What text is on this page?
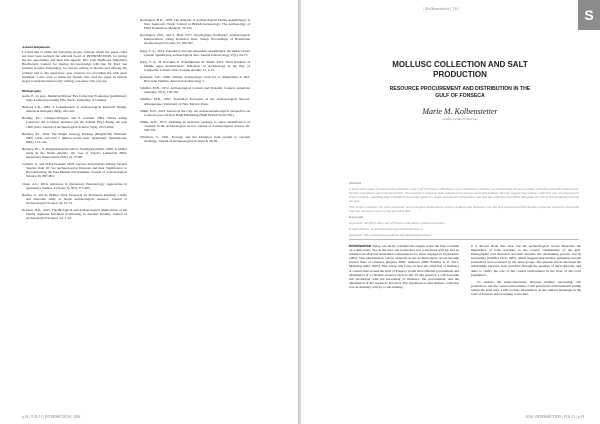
p.16 | VOL 11 | INTERSECTION | 2016

Acknowledgements

I would like to thank the following people, without whom the paper could not have been realised: the editorial board of INTERSECTION, for giving me the opportunity and their full support; Drs. Tom Hulthorpe (Maxima's Biodiversity Center) for sharing his knowledge with me; Dr Root van Gruisen (Leiden University), for always willing to discuss and criticise my writing; and to my supervisor, peer reviewer for providing me with great feedback. I also want to thank my friends who read the paper in various stages to help me improve my writing; you know who you are.

Bibliography

Aarts, E., in prep. Medieval Mytour Fire Collection Evaluation (preliminary title). Leiden (upcoming MSc thesis, University of Leiden).

Binford, L.R., 1984. A Consideration of Archaeological Research Design, American Antiquity 29(4), 425-441.

Bradley, P.C., Campos-Vasquez, and P. Garland, 2004. What's eating Cakacain: the Cochlear molluscs (in the Zollner Bay) during the past 1000 years. Journal of Archaeological Science 31(4), 1053-1062.

Buckley, P.I., 2016. The Bright Geology Package (BrightCSP) Vestibule: 3000 cairns and half a million levels later. Quaternary International, 84(2), 113-124.

Buckley, P.C., P. Panagiotakopulu and O. Sveinbjarnardóttir, 2009. A further study in the North Atlantic, the case of Viyoho Lanbertsin Hills, Quaternary International 201(1-2), 57-68.

Catterin, G. and H.K.Lewenski, 2018. Species Associations Among Several Species from Of two Archaeological Deposits and their Significance to Reconstructing the Past Human Environment. Journal of Archaeological Science 26, 887-903.

Claus, A.S., 2016. Advances in Quaternary Paleontology: Approaches in Quaternary Studies, 4 (Series 5), 8(3), 373-305.

Holbes, V., and K. Brinks, 2014. Prospects for molluscan hatching: a Ruin and Outcome study of North archaeological resource. Journal of Archaeological Science 20, 61-74.

Koenen, H.K., 2015. The Biological and Archaeological implications of the Family Agheana Invention (California) in Ancient Trading. Journal of Archaeological Science, 21, 1-10.

Kerrington, H.K., 1978. The Analysis of Archaeological Faunal Assemblages: A New Approach. Work: Critical in British Archaeology. The Archaeology of Field Production, Methods, 79-133.

Kerrington, H.K., and S. Hall, 1977. Investigating Prehistoric Archaeological Interpretation: Using Technical Data. Sheep. Proceedings of Hawthorne Archaeological Society 25, 380-397.

King, S. A., 2014. Population and age-dependent assemblages: An undiscovered system: Quantifying archaeological data, Journal Paleoecology 37(1), 64-75.

King, S. A., H. Korsmal, E. Scheimplund, D. Smith, 2013. Shell Isolation of Middle Ages Architectures: Indicators of Archaeology in the Bay of Campeche, Journal of the Sweden Atlantic 21, 1-13.

Kohnson, S.K., 1998. Climate Archaeology: from ice to temperature in mid-Holocene Tumbes, American Archaeology 7.

Schiffer, M.B., 1972. Archaeological Context and Systemic Context, American Antiquity 37(2), 156-165.

Schiffer, M.B., 1987. Formation Processes of the Archaeological Record. Albuquerque: University of New Mexico Press.

Smith, D.N., 2012. Insects in the City: An archaeoentomological perspective on London's past. Oxford: BAR Publishing (BAR British Series 561).

Smith, D.N., 2013. Defining an indicator package to allow identification of 'cesspits' in the archaeological record. Journal of Archaeological Science 40, 526-543.

Whitelaw, S., 1991. Ecology and the transition from system to colonial exchange. Journal of Archaeological Science 8, 29-36.

| Kolbenstetter | 16 |	S
MOLLUSC COLLECTION AND SALT
PRODUCTION
RESOURCE PROCUREMENT AND DISTRIBUTION IN THE
GULF OF FONSECA
Marie M. Kolbenstetter
Leiden, Leiden University

Abstract

A large-scale study of shell-bearing deposits in the Gulf of Fonseca, Honduras, was conducted to examine the relationship between mollusc collection and salt production in the Pre-Columbian and Colonial periods. The analysis is based on shell samples from several excavated middens. Results suggest that mollusc collection was an integral part of the economy, supplying both subsistence and trade goods to coastal and inland communities, and that the collection intensified alongside the rise of salt production around the gulf.

This article considers the socio-economic and ecological implications of these findings and discusses how the procurement and distribution of marine resources structured regional interaction over a long period of time.

Keywords

Keywords: Shellfish, salt, Gulf of Fonseca, Honduras, coastal resources.

E-mail address: m.m.kolbenstetter@umail.leidenuniv.nl

Academic: http://leidenuniv.academia.edu/MarieKolbenstetter

Introduction Today, one rarely considers the origins of the salt they consume on a daily basis. Yet, in the past, salt production was a laborious activity, and an essential one that had substantial consequences for those engaged in it (Andrews 1983). This phenomenon can be observed in the archaeological record through several lines of evidence (Kepecs 2003; Andrews 2006; Bradley et al. 2011; McKillop 2002, 2005). This article will focus on how the collection of molluscs at coastal sites around the Gulf of Fonseca would have affected procurement and distribution of a valuable resource such as salt. In this research, I will associate salt production with the harvesting of molluscs, the procurement, and the distribution of the resources involved. The hypothesis is that mollusc collection was an auxiliary activity to salt-making.

It is known about this area, but the archaeological record illustrates the importance of both activities to the coastal communities of the gulf. Ethnographic and historical accounts describe the salt-making process and its seasonality (Schiffer 1972, 1987), which suggests that mollusc gathering and salt production were practised by the same groups. The present article discusses the relationship between both activities through the analysis of shell deposits, and aims to clarify the role of the coastal environment in the lives of the local population.

To address the interconnections between mollusc harvesting, salt production, and the coastal environment, I will present the environmental setting within the Gulf area. I will provide information on the cultural landscape in the Gulf of Fonseca before turning to the data.

2016 | INTERSECTION | VOL 11 | p.19
